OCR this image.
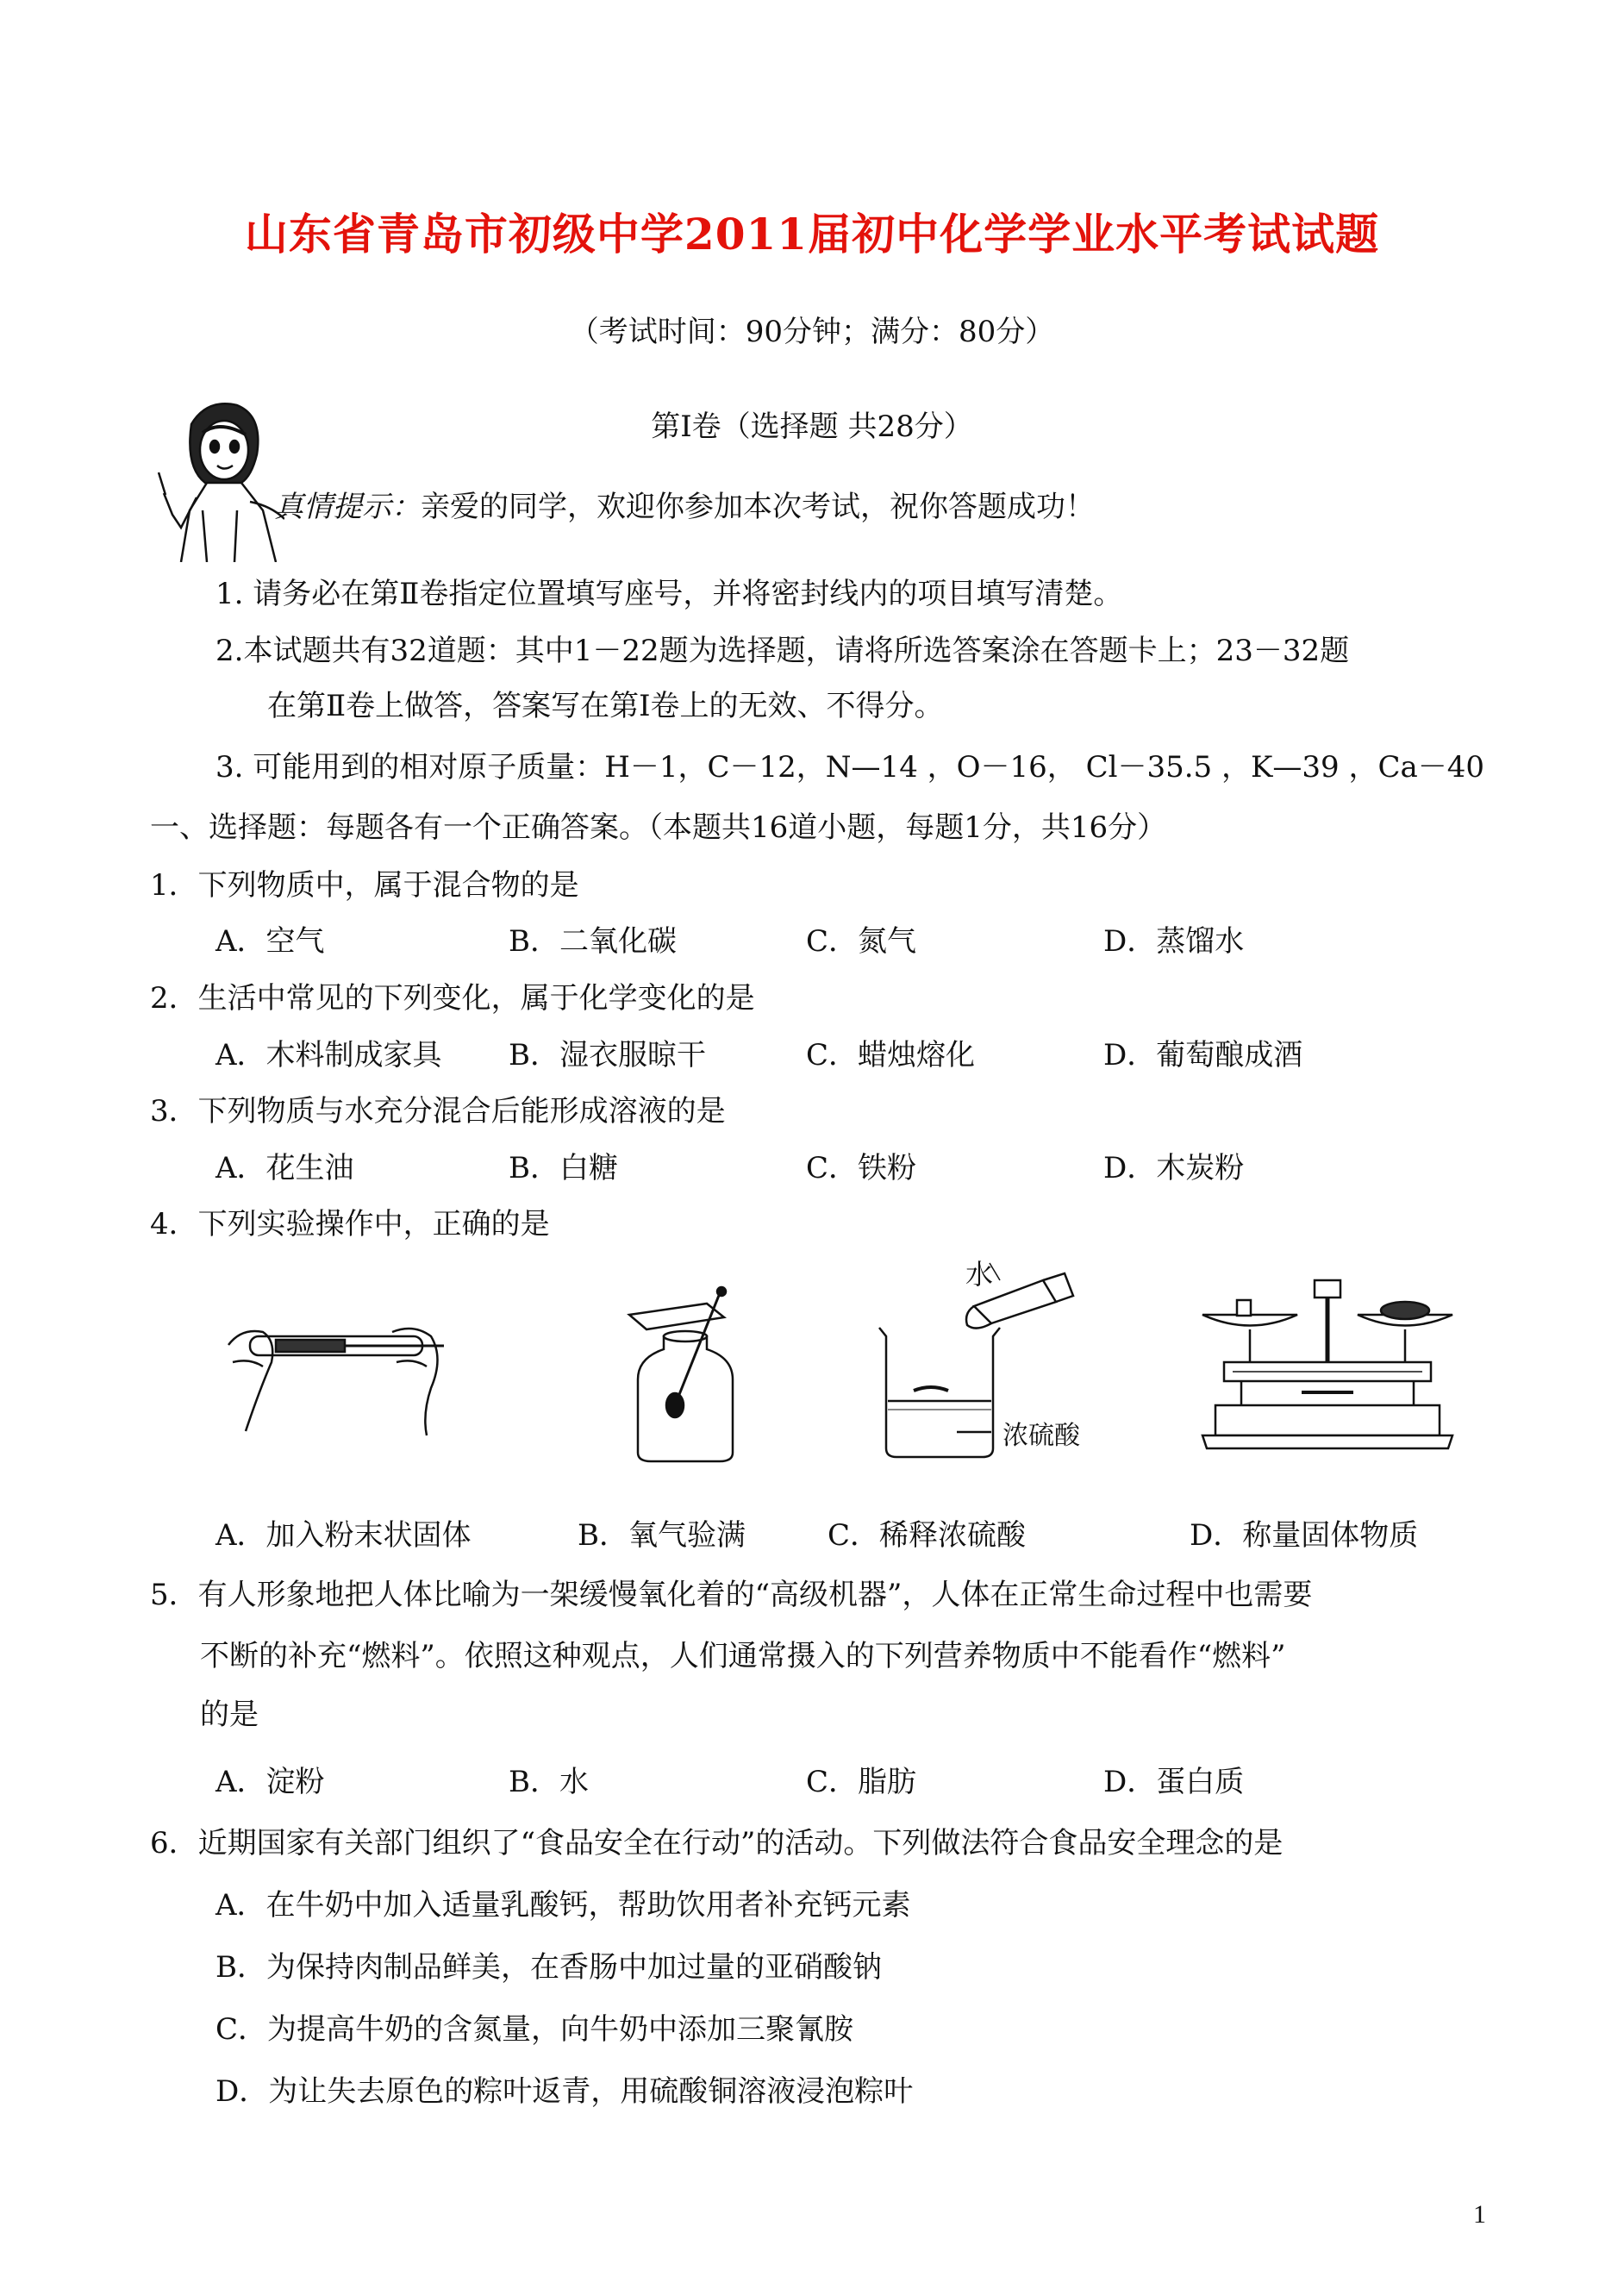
山东省青岛市初级中学2011届初中化学学业水平考试试题
（考试时间：90分钟；满分：80分）
第Ⅰ卷（选择题 共28分）
真情提示：亲爱的同学，欢迎你参加本次考试，祝你答题成功！
1. 请务必在第Ⅱ卷指定位置填写座号，并将密封线内的项目填写清楚。
2.本试题共有32道题：其中1－22题为选择题，请将所选答案涂在答题卡上；23－32题
在第Ⅱ卷上做答，答案写在第Ⅰ卷上的无效、不得分。
3. 可能用到的相对原子质量：H－1，C－12，N—14 ，O－16， Cl－35.5 ，K—39 ，Ca－40
一、选择题：每题各有一个正确答案。（本题共16道小题，每题1分，共16分）
1．下列物质中，属于混合物的是
A．空气	B．二氧化碳	C．氮气	D．蒸馏水
2．生活中常见的下列变化，属于化学变化的是
A．木料制成家具 B．湿衣服晾干	C．蜡烛熔化	D．葡萄酿成酒
3．下列物质与水充分混合后能形成溶液的是
A．花生油	B．白糖	C．铁粉	D．木炭粉
4．下列实验操作中，正确的是
水
浓硫酸
A．加入粉末状固体	B．氧气验满	C．稀释浓硫酸	D．称量固体物质
5．有人形象地把人体比喻为一架缓慢氧化着的“高级机器”，人体在正常生命过程中也需要
不断的补充“燃料”。依照这种观点，人们通常摄入的下列营养物质中不能看作“燃料”
的是
A．淀粉	B．水	C．脂肪	D．蛋白质
6．近期国家有关部门组织了“食品安全在行动”的活动。下列做法符合食品安全理念的是
A．在牛奶中加入适量乳酸钙，帮助饮用者补充钙元素
B．为保持肉制品鲜美，在香肠中加过量的亚硝酸钠
C．为提高牛奶的含氮量，向牛奶中添加三聚氰胺
D．为让失去原色的粽叶返青，用硫酸铜溶液浸泡粽叶
1
